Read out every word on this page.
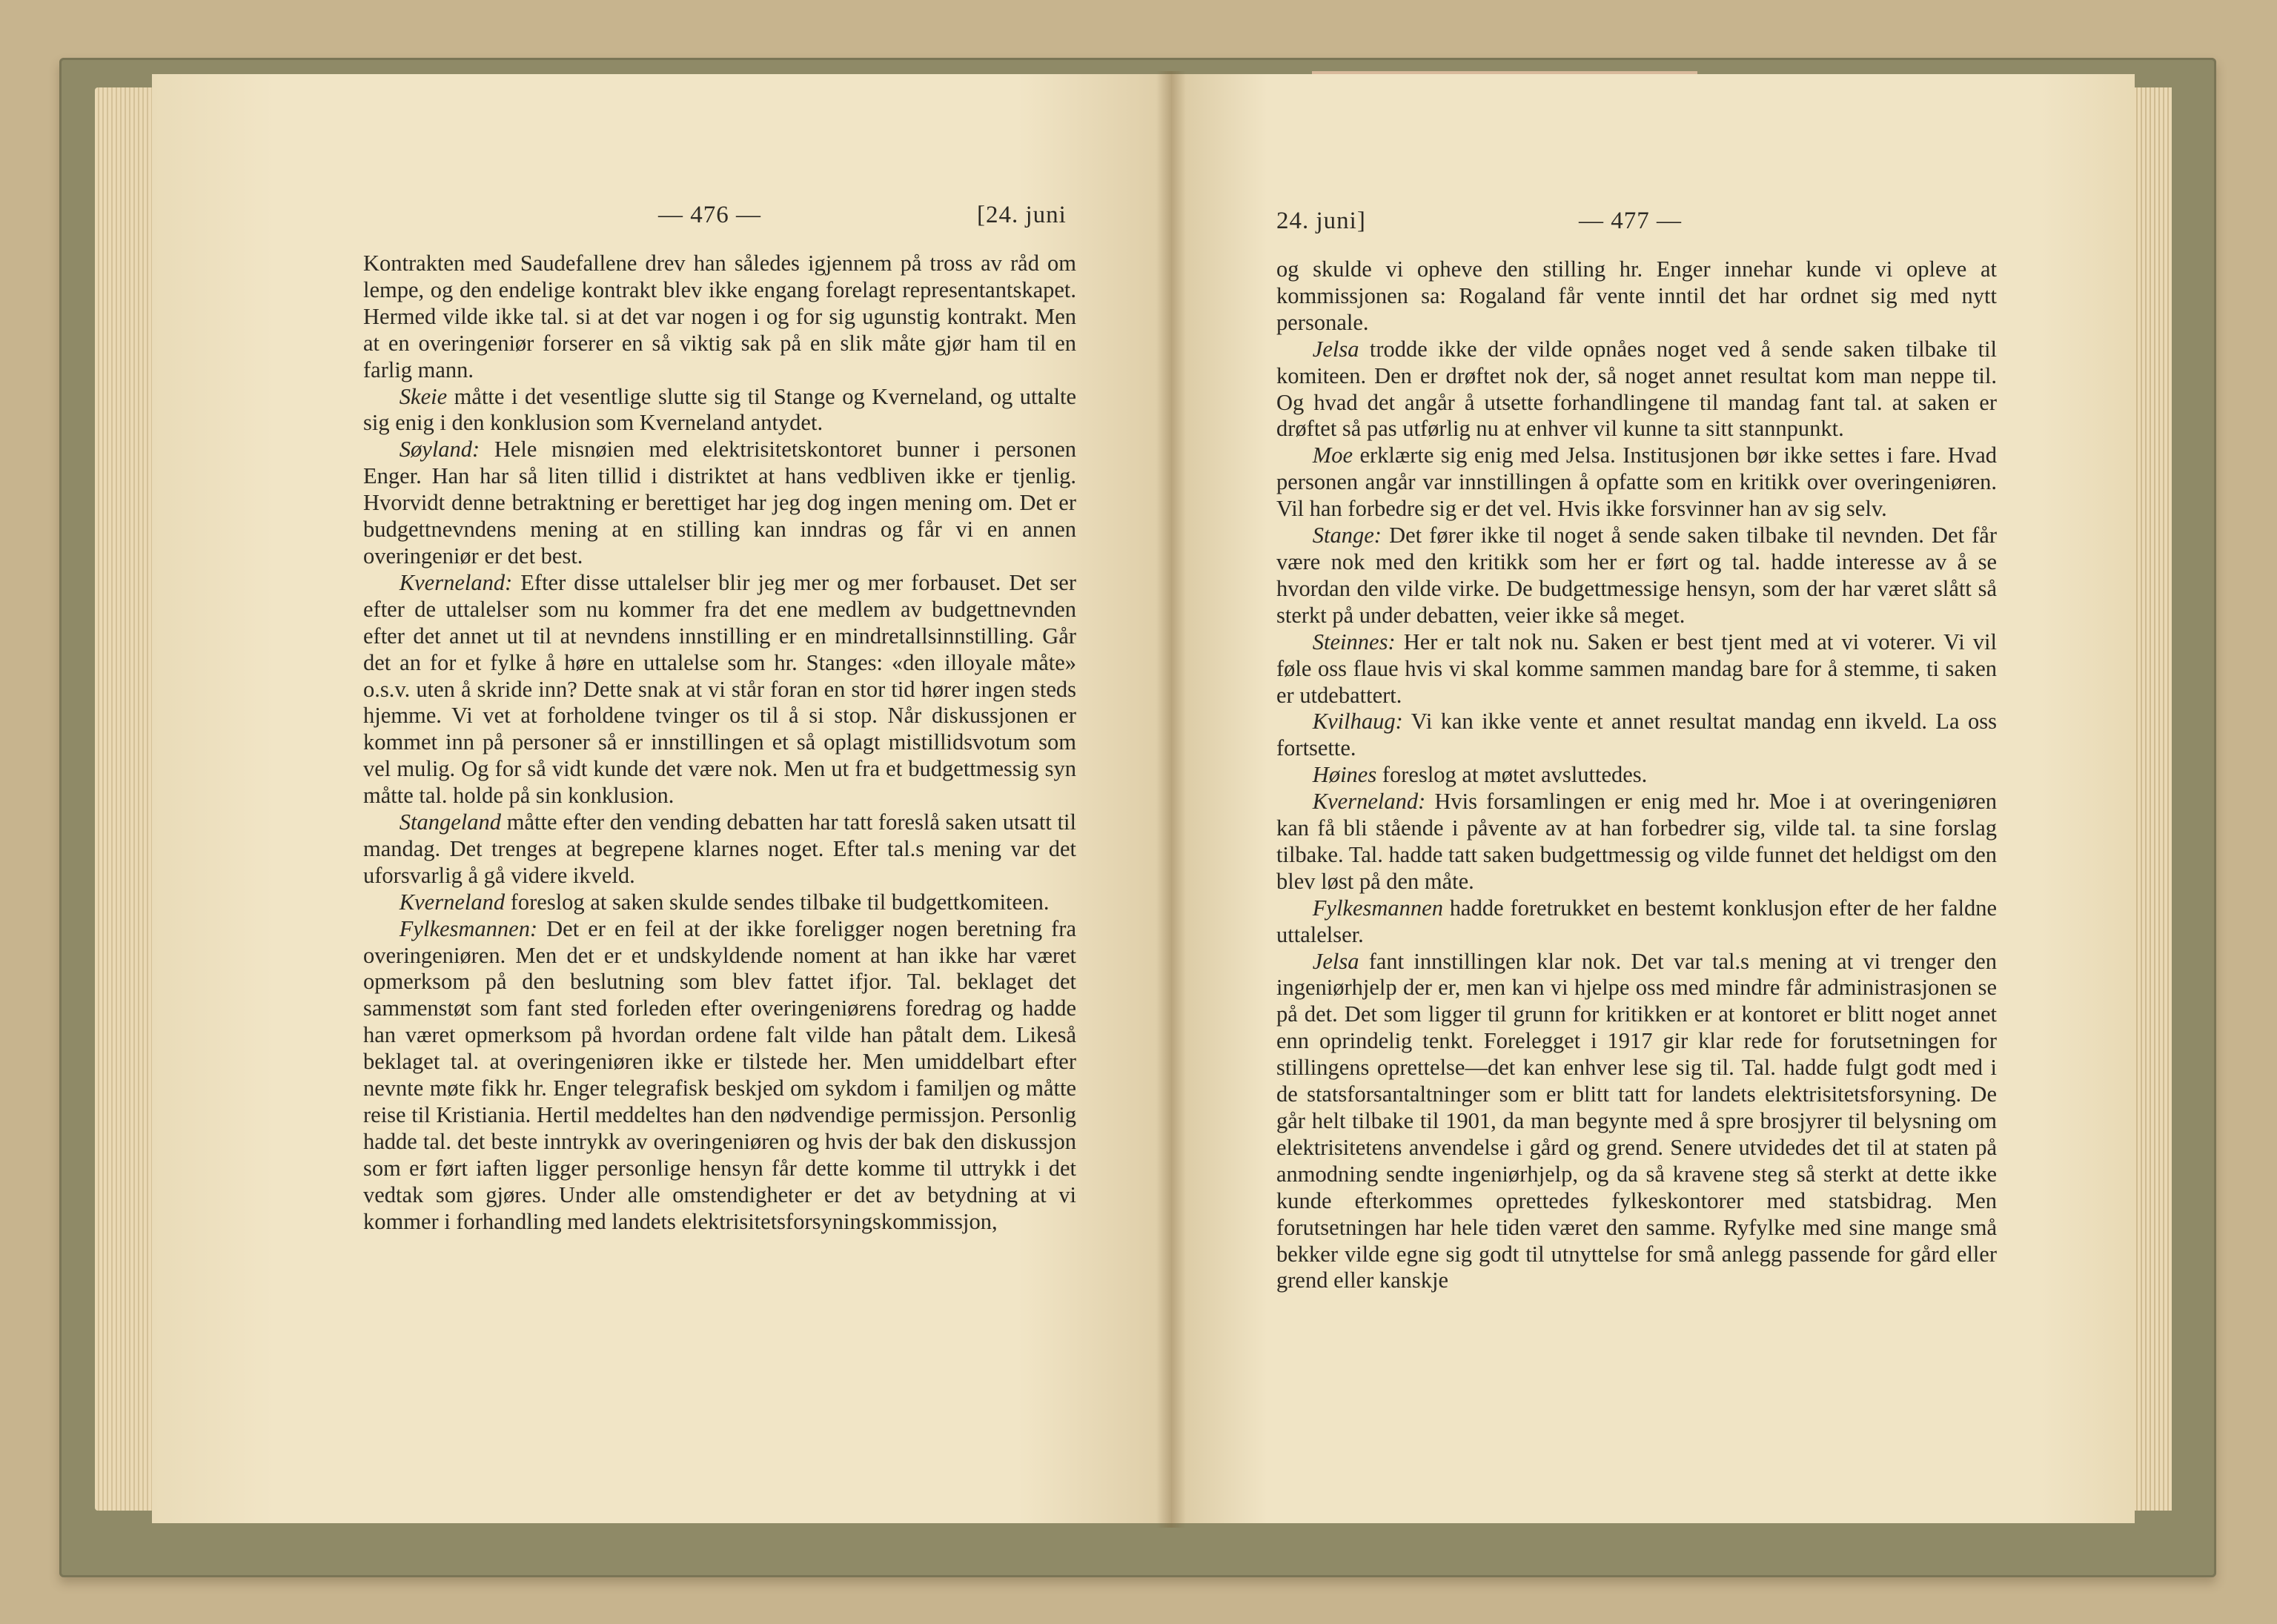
— 476 —	[24. juni	24. juni]	— 477 —

Kontrakten med Saudefallene drev han således igjennem på tross av råd om lempe, og den endelige kontrakt blev ikke engang forelagt representantskapet. Hermed vilde ikke tal. si at det var nogen i og for sig ugunstig kontrakt. Men at en overingeniør forserer en så viktig sak på en slik måte gjør ham til en farlig mann.

Skeie måtte i det vesentlige slutte sig til Stange og Kverneland, og uttalte sig enig i den konklusion som Kverneland antydet.

Søyland: Hele misnøien med elektrisitetskontoret bunner i personen Enger. Han har så liten tillid i distriktet at hans vedbliven ikke er tjenlig. Hvorvidt denne betraktning er berettiget har jeg dog ingen mening om. Det er budgettnevndens mening at en stilling kan inndras og får vi en annen overingeniør er det best.

Kverneland: Efter disse uttalelser blir jeg mer og mer forbauset. Det ser efter de uttalelser som nu kommer fra det ene medlem av budgettnevnden efter det annet ut til at nevndens innstilling er en mindretallsinnstilling. Går det an for et fylke å høre en uttalelse som hr. Stanges: «den illoyale måte» o.s.v. uten å skride inn? Dette snak at vi står foran en stor tid hører ingen steds hjemme. Vi vet at forholdene tvinger os til å si stop. Når diskussjonen er kommet inn på personer så er innstillingen et så oplagt mistillidsvotum som vel mulig. Og for så vidt kunde det være nok. Men ut fra et budgettmessig syn måtte tal. holde på sin konklusion.

Stangeland måtte efter den vending debatten har tatt foreslå saken utsatt til mandag. Det trenges at begrepene klarnes noget. Efter tal.s mening var det uforsvarlig å gå videre ikveld.

Kverneland foreslog at saken skulde sendes tilbake til budgettkomiteen.

Fylkesmannen: Det er en feil at der ikke foreligger nogen beretning fra overingeniøren. Men det er et undskyldende noment at han ikke har været opmerksom på den beslutning som blev fattet ifjor. Tal. beklaget det sammenstøt som fant sted forleden efter overingeniørens foredrag og hadde han været opmerksom på hvordan ordene falt vilde han påtalt dem. Likeså beklaget tal. at overingeniøren ikke er tilstede her. Men umiddelbart efter nevnte møte fikk hr. Enger telegrafisk beskjed om sykdom i familjen og måtte reise til Kristiania. Hertil meddeltes han den nødvendige permissjon. Personlig hadde tal. det beste inntrykk av overingeniøren og hvis der bak den diskussjon som er ført iaften ligger personlige hensyn får dette komme til uttrykk i det vedtak som gjøres. Under alle omstendigheter er det av betydning at vi kommer i forhandling med landets elektrisitetsforsyningskommissjon,

og skulde vi opheve den stilling hr. Enger innehar kunde vi opleve at kommissjonen sa: Rogaland får vente inntil det har ordnet sig med nytt personale.

Jelsa trodde ikke der vilde opnåes noget ved å sende saken tilbake til komiteen. Den er drøftet nok der, så noget annet resultat kom man neppe til. Og hvad det angår å utsette forhandlingene til mandag fant tal. at saken er drøftet så pas utførlig nu at enhver vil kunne ta sitt stannpunkt.

Moe erklærte sig enig med Jelsa. Institusjonen bør ikke settes i fare. Hvad personen angår var innstillingen å opfatte som en kritikk over overingeniøren. Vil han forbedre sig er det vel. Hvis ikke forsvinner han av sig selv.

Stange: Det fører ikke til noget å sende saken tilbake til nevnden. Det får være nok med den kritikk som her er ført og tal. hadde interesse av å se hvordan den vilde virke. De budgettmessige hensyn, som der har været slått så sterkt på under debatten, veier ikke så meget.

Steinnes: Her er talt nok nu. Saken er best tjent med at vi voterer. Vi vil føle oss flaue hvis vi skal komme sammen mandag bare for å stemme, ti saken er utdebattert.

Kvilhaug: Vi kan ikke vente et annet resultat mandag enn ikveld. La oss fortsette.

Høines foreslog at møtet avsluttedes.

Kverneland: Hvis forsamlingen er enig med hr. Moe i at overingeniøren kan få bli stående i påvente av at han forbedrer sig, vilde tal. ta sine forslag tilbake. Tal. hadde tatt saken budgettmessig og vilde funnet det heldigst om den blev løst på den måte.

Fylkesmannen hadde foretrukket en bestemt konklusjon efter de her faldne uttalelser.

Jelsa fant innstillingen klar nok. Det var tal.s mening at vi trenger den ingeniørhjelp der er, men kan vi hjelpe oss med mindre får administrasjonen se på det. Det som ligger til grunn for kritikken er at kontoret er blitt noget annet enn oprindelig tenkt. Forelegget i 1917 gir klar rede for forutsetningen for stillingens oprettelse—det kan enhver lese sig til. Tal. hadde fulgt godt med i de statsforsantaltninger som er blitt tatt for landets elektrisitetsforsyning. De går helt tilbake til 1901, da man begynte med å spre brosjyrer til belysning om elektrisitetens anvendelse i gård og grend. Senere utvidedes det til at staten på anmodning sendte ingeniørhjelp, og da så kravene steg så sterkt at dette ikke kunde efterkommes oprettedes fylkeskontorer med statsbidrag. Men forutsetningen har hele tiden været den samme. Ryfylke med sine mange små bekker vilde egne sig godt til utnyttelse for små anlegg passende for gård eller grend eller kanskje
